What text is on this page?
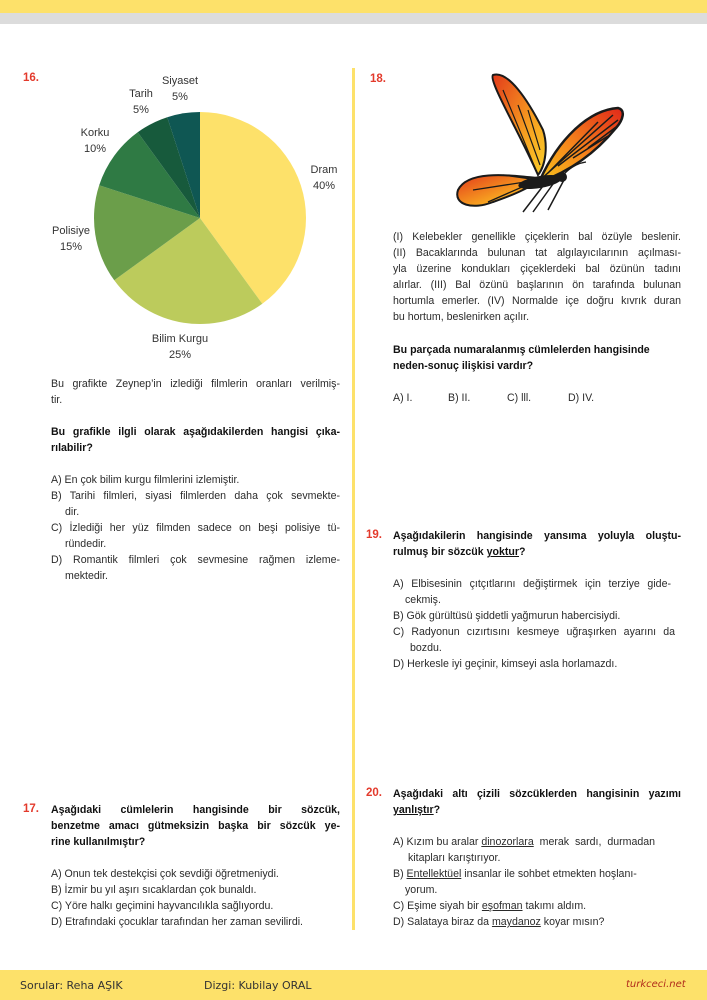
16.	Siyaset
5%
Tarih
5%
Korku
10%
Polisiye
15%
Dram
40%
Bilim Kurgu
25%
Bu grafikte Zeynep’in izlediği filmlerin oranları verilmiş-
tir.
Bu grafikle ilgli olarak aşağıdakilerden hangisi çıka-
rılabilir?
A) En çok bilim kurgu filmlerini izlemiştir.
B) Tarihi filmleri, siyasi filmlerden daha çok sevmekte-
dir.
C) İzlediği her yüz filmden sadece on beşi polisiye tü-
ründedir.
D) Romantik filmleri çok sevmesine rağmen izleme-
mektedir.
17. Aşağıdaki cümlelerin hangisinde bir sözcük,
benzetme amacı gütmeksizin başka bir sözcük ye-
rine kullanılmıştır?
A) Onun tek destekçisi çok sevdiği öğretmeniydi.
B) İzmir bu yıl aşırı sıcaklardan çok bunaldı.
C) Yöre halkı geçimini hayvancılıkla sağlıyordu.
D) Etrafındaki çocuklar tarafından her zaman sevilirdi.
18.
(I) Kelebekler genellikle çiçeklerin bal özüyle beslenir.
(II) Bacaklarında bulunan tat algılayıcılarının açılması-
yla üzerine kondukları çiçeklerdeki bal özünün tadını
alırlar. (III) Bal özünü başlarının ön tarafında bulunan
hortumla emerler. (IV) Normalde içe doğru kıvrık duran
bu hortum, beslenirken açılır.
Bu parçada numaralanmış cümlelerden hangisinde
neden-sonuç ilişkisi vardır?
A) I.	B) II.	C) lll.	D) IV.
19. Aşağıdakilerin hangisinde yansıma yoluyla oluştu-
rulmuş bir sözcük yoktur?
A) Elbisesinin çıtçıtlarını değiştirmek için terziye gide-
cekmiş.
B) Gök gürültüsü şiddetli yağmurun habercisiydi.
C) Radyonun cızırtısını kesmeye uğraşırken ayarını da
bozdu.
D) Herkesle iyi geçinir, kimseyi asla horlamazdı.
20. Aşağıdaki altı çizili sözcüklerden hangisinin yazımı
yanlıştır?
A) Kızım bu aralar dinozorlara  merak  sardı,  durmadan
kitapları karıştırıyor.
B) Entellektüel insanlar ile sohbet etmekten hoşlanı-
yorum.
C) Eşime siyah bir eşofman takımı aldım.
D) Salataya biraz da maydanoz koyar mısın?
Sorular: Reha AŞIK	Dizgi: Kubilay ORAL	turkceci.net
